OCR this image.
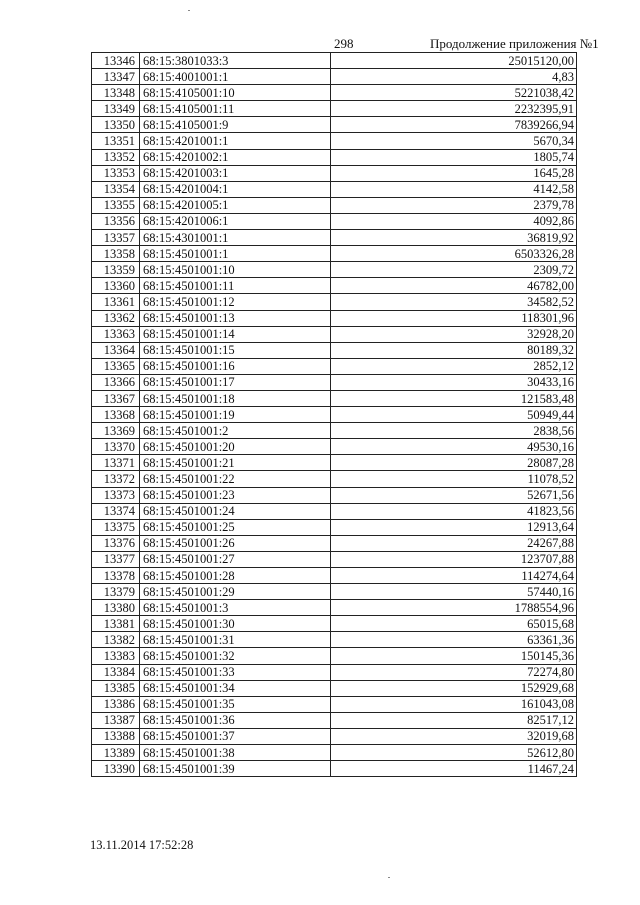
298	Продолжение приложения №1
13346	68:15:3801033:3	25015120,00
13347	68:15:4001001:1	4,83
13348	68:15:4105001:10	5221038,42
13349	68:15:4105001:11	2232395,91
13350	68:15:4105001:9	7839266,94
13351	68:15:4201001:1	5670,34
13352	68:15:4201002:1	1805,74
13353	68:15:4201003:1	1645,28
13354	68:15:4201004:1	4142,58
13355	68:15:4201005:1	2379,78
13356	68:15:4201006:1	4092,86
13357	68:15:4301001:1	36819,92
13358	68:15:4501001:1	6503326,28
13359	68:15:4501001:10	2309,72
13360	68:15:4501001:11	46782,00
13361	68:15:4501001:12	34582,52
13362	68:15:4501001:13	118301,96
13363	68:15:4501001:14	32928,20
13364	68:15:4501001:15	80189,32
13365	68:15:4501001:16	2852,12
13366	68:15:4501001:17	30433,16
13367	68:15:4501001:18	121583,48
13368	68:15:4501001:19	50949,44
13369	68:15:4501001:2	2838,56
13370	68:15:4501001:20	49530,16
13371	68:15:4501001:21	28087,28
13372	68:15:4501001:22	11078,52
13373	68:15:4501001:23	52671,56
13374	68:15:4501001:24	41823,56
13375	68:15:4501001:25	12913,64
13376	68:15:4501001:26	24267,88
13377	68:15:4501001:27	123707,88
13378	68:15:4501001:28	114274,64
13379	68:15:4501001:29	57440,16
13380	68:15:4501001:3	1788554,96
13381	68:15:4501001:30	65015,68
13382	68:15:4501001:31	63361,36
13383	68:15:4501001:32	150145,36
13384	68:15:4501001:33	72274,80
13385	68:15:4501001:34	152929,68
13386	68:15:4501001:35	161043,08
13387	68:15:4501001:36	82517,12
13388	68:15:4501001:37	32019,68
13389	68:15:4501001:38	52612,80
13390	68:15:4501001:39	11467,24
13.11.2014 17:52:28
